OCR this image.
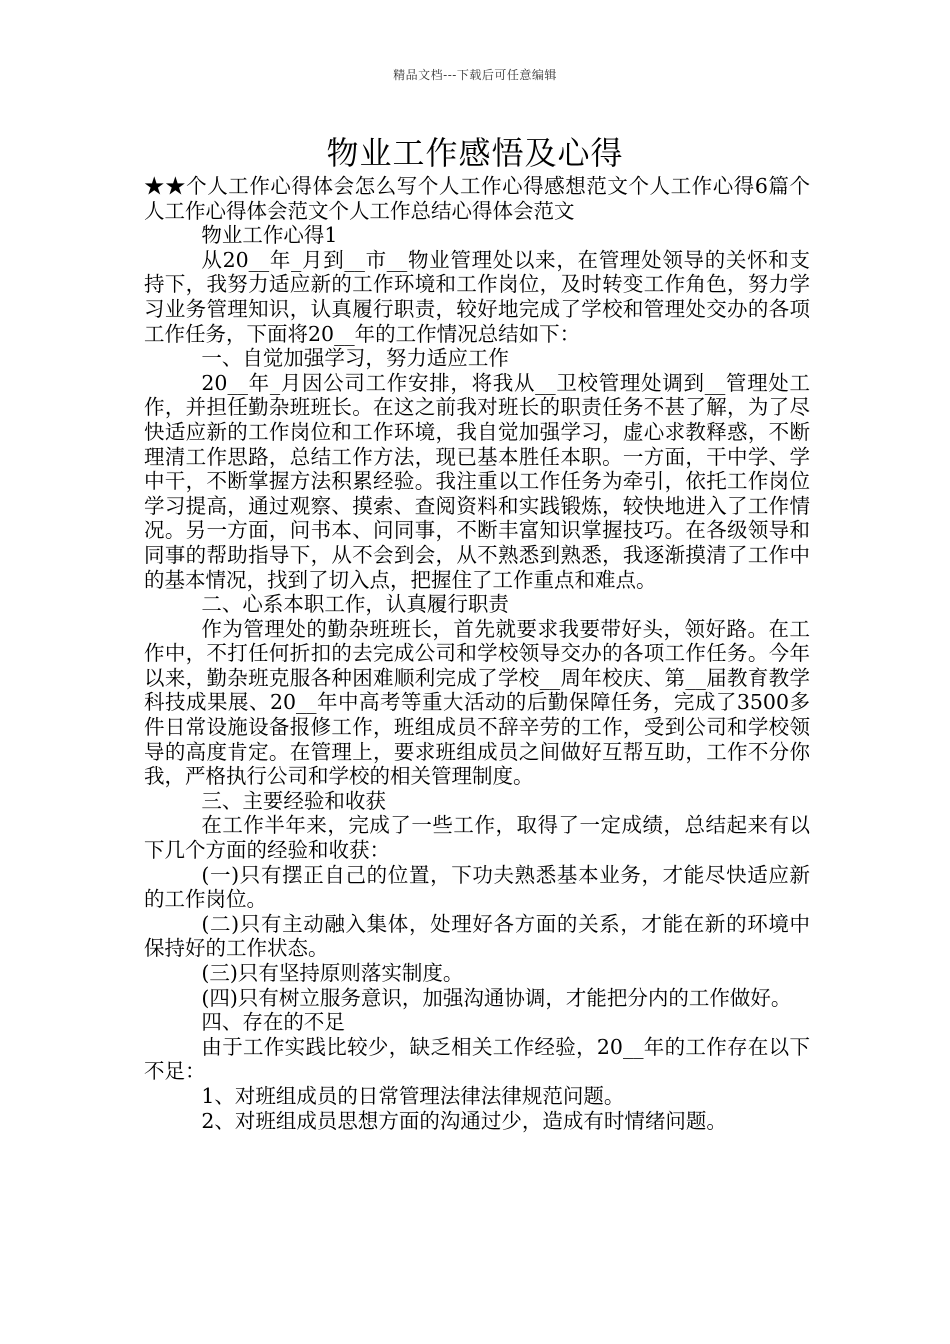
精品文档---下载后可任意编辑
物业工作感悟及心得

★★个人工作心得体会怎么写个人工作心得感想范文个人工作心得6篇个人工作心得体会范文个人工作总结心得体会范文

物业工作心得1

从20__年_月到__市__物业管理处以来，在管理处领导的关怀和支持下，我努力适应新的工作环境和工作岗位，及时转变工作角色，努力学习业务管理知识，认真履行职责，较好地完成了学校和管理处交办的各项工作任务，下面将20__年的工作情况总结如下：

一、自觉加强学习，努力适应工作

20__年_月因公司工作安排，将我从__卫校管理处调到__管理处工作，并担任勤杂班班长。在这之前我对班长的职责任务不甚了解，为了尽快适应新的工作岗位和工作环境，我自觉加强学习，虚心求教释惑，不断理清工作思路，总结工作方法，现已基本胜任本职。一方面，干中学、学中干，不断掌握方法积累经验。我注重以工作任务为牵引，依托工作岗位学习提高，通过观察、摸索、查阅资料和实践锻炼，较快地进入了工作情况。另一方面，问书本、问同事，不断丰富知识掌握技巧。在各级领导和同事的帮助指导下，从不会到会，从不熟悉到熟悉，我逐渐摸清了工作中的基本情况，找到了切入点，把握住了工作重点和难点。

二、心系本职工作，认真履行职责

作为管理处的勤杂班班长，首先就要求我要带好头，领好路。在工作中，不打任何折扣的去完成公司和学校领导交办的各项工作任务。今年以来，勤杂班克服各种困难顺利完成了学校__周年校庆、第__届教育教学科技成果展、20__年中高考等重大活动的后勤保障任务，完成了3500多件日常设施设备报修工作，班组成员不辞辛劳的工作，受到公司和学校领导的高度肯定。在管理上，要求班组成员之间做好互帮互助，工作不分你我，严格执行公司和学校的相关管理制度。

三、主要经验和收获

在工作半年来，完成了一些工作，取得了一定成绩，总结起来有以下几个方面的经验和收获：

(一)只有摆正自己的位置，下功夫熟悉基本业务，才能尽快适应新的工作岗位。

(二)只有主动融入集体，处理好各方面的关系，才能在新的环境中保持好的工作状态。

(三)只有坚持原则落实制度。

(四)只有树立服务意识，加强沟通协调，才能把分内的工作做好。

四、存在的不足

由于工作实践比较少，缺乏相关工作经验，20__年的工作存在以下不足：

1、对班组成员的日常管理法律法律规范问题。

2、对班组成员思想方面的沟通过少，造成有时情绪问题。
